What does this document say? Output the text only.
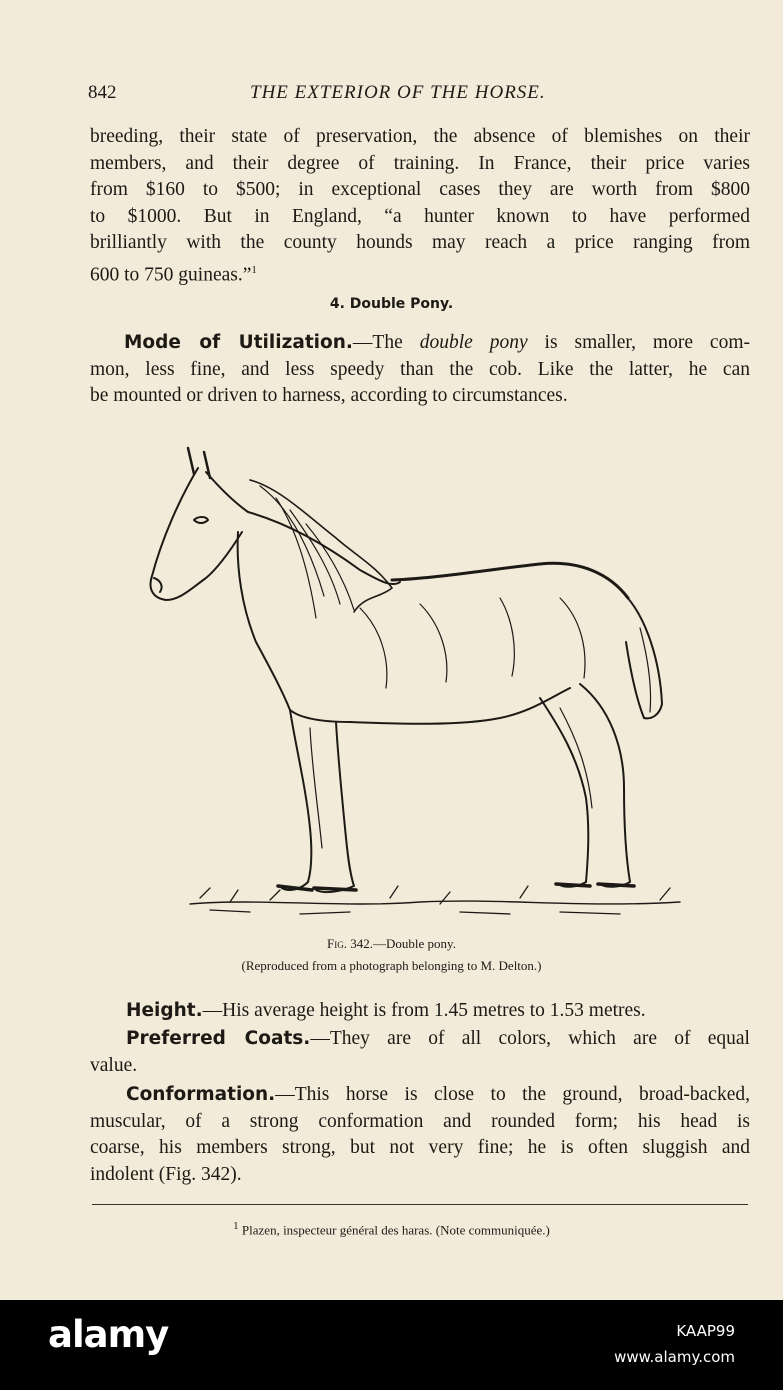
842	THE EXTERIOR OF THE HORSE.
breeding, their state of preservation, the absence of blemishes on their
members, and their degree of training. In France, their price varies
from $160 to $500; in exceptional cases they are worth from $800
to $1000. But in England, “a hunter known to have performed
brilliantly with the county hounds may reach a price ranging from
600 to 750 guineas.”$^1$
4. Double Pony.
Mode of Utilization.—The double pony is smaller, more com-
mon, less fine, and less speedy than the cob. Like the latter, he can
be mounted or driven to harness, according to circumstances.
Fig. 342.—Double pony.
(Reproduced from a photograph belonging to M. Delton.)
Height.—His average height is from 1.45 metres to 1.53 metres.
Preferred Coats.—They are of all colors, which are of equal
value.
Conformation.—This horse is close to the ground, broad-backed,
muscular, of a strong conformation and rounded form; his head is
coarse, his members strong, but not very fine; he is often sluggish and
indolent (Fig. 342).
$^1$ Plazen, inspecteur général des haras. (Note communiquée.)
alamy	KAAP99
www.alamy.com
